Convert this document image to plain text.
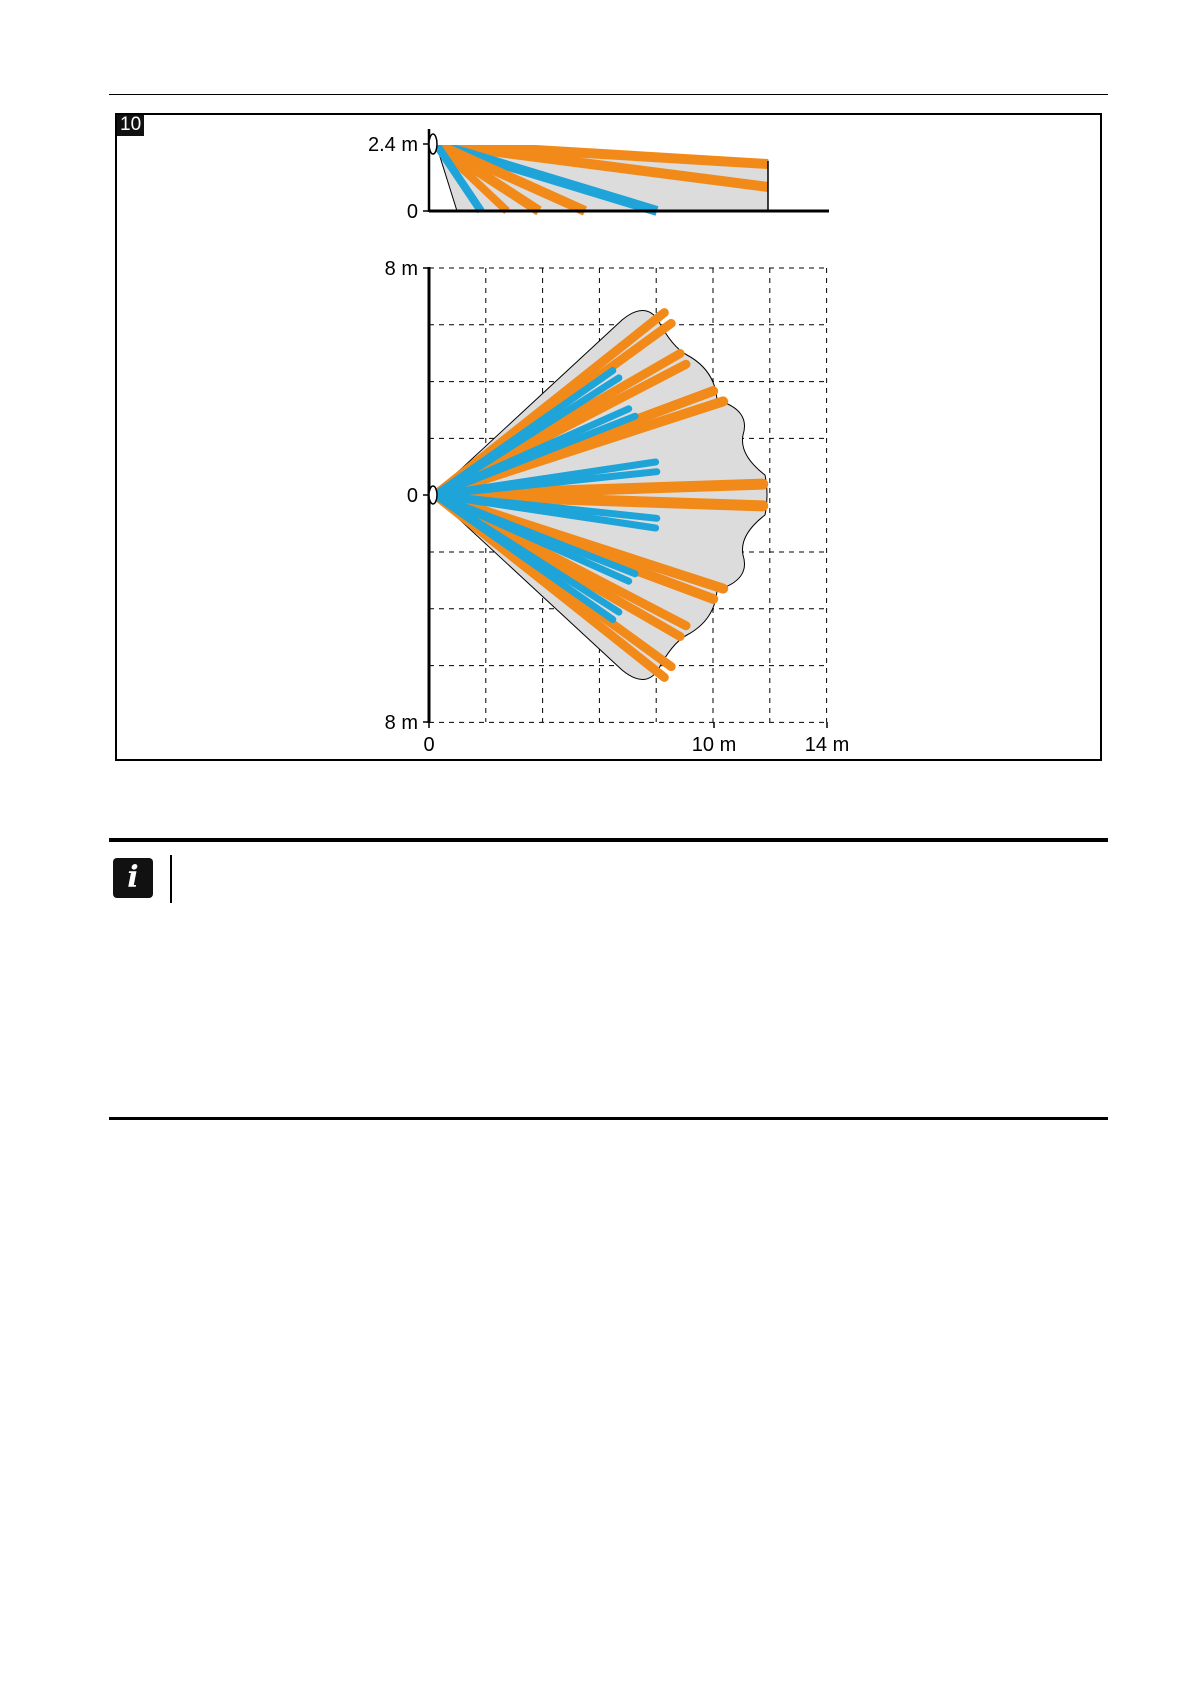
2.4 m
0
8 m
0
8 m
0	10 m	14 m
10
i
